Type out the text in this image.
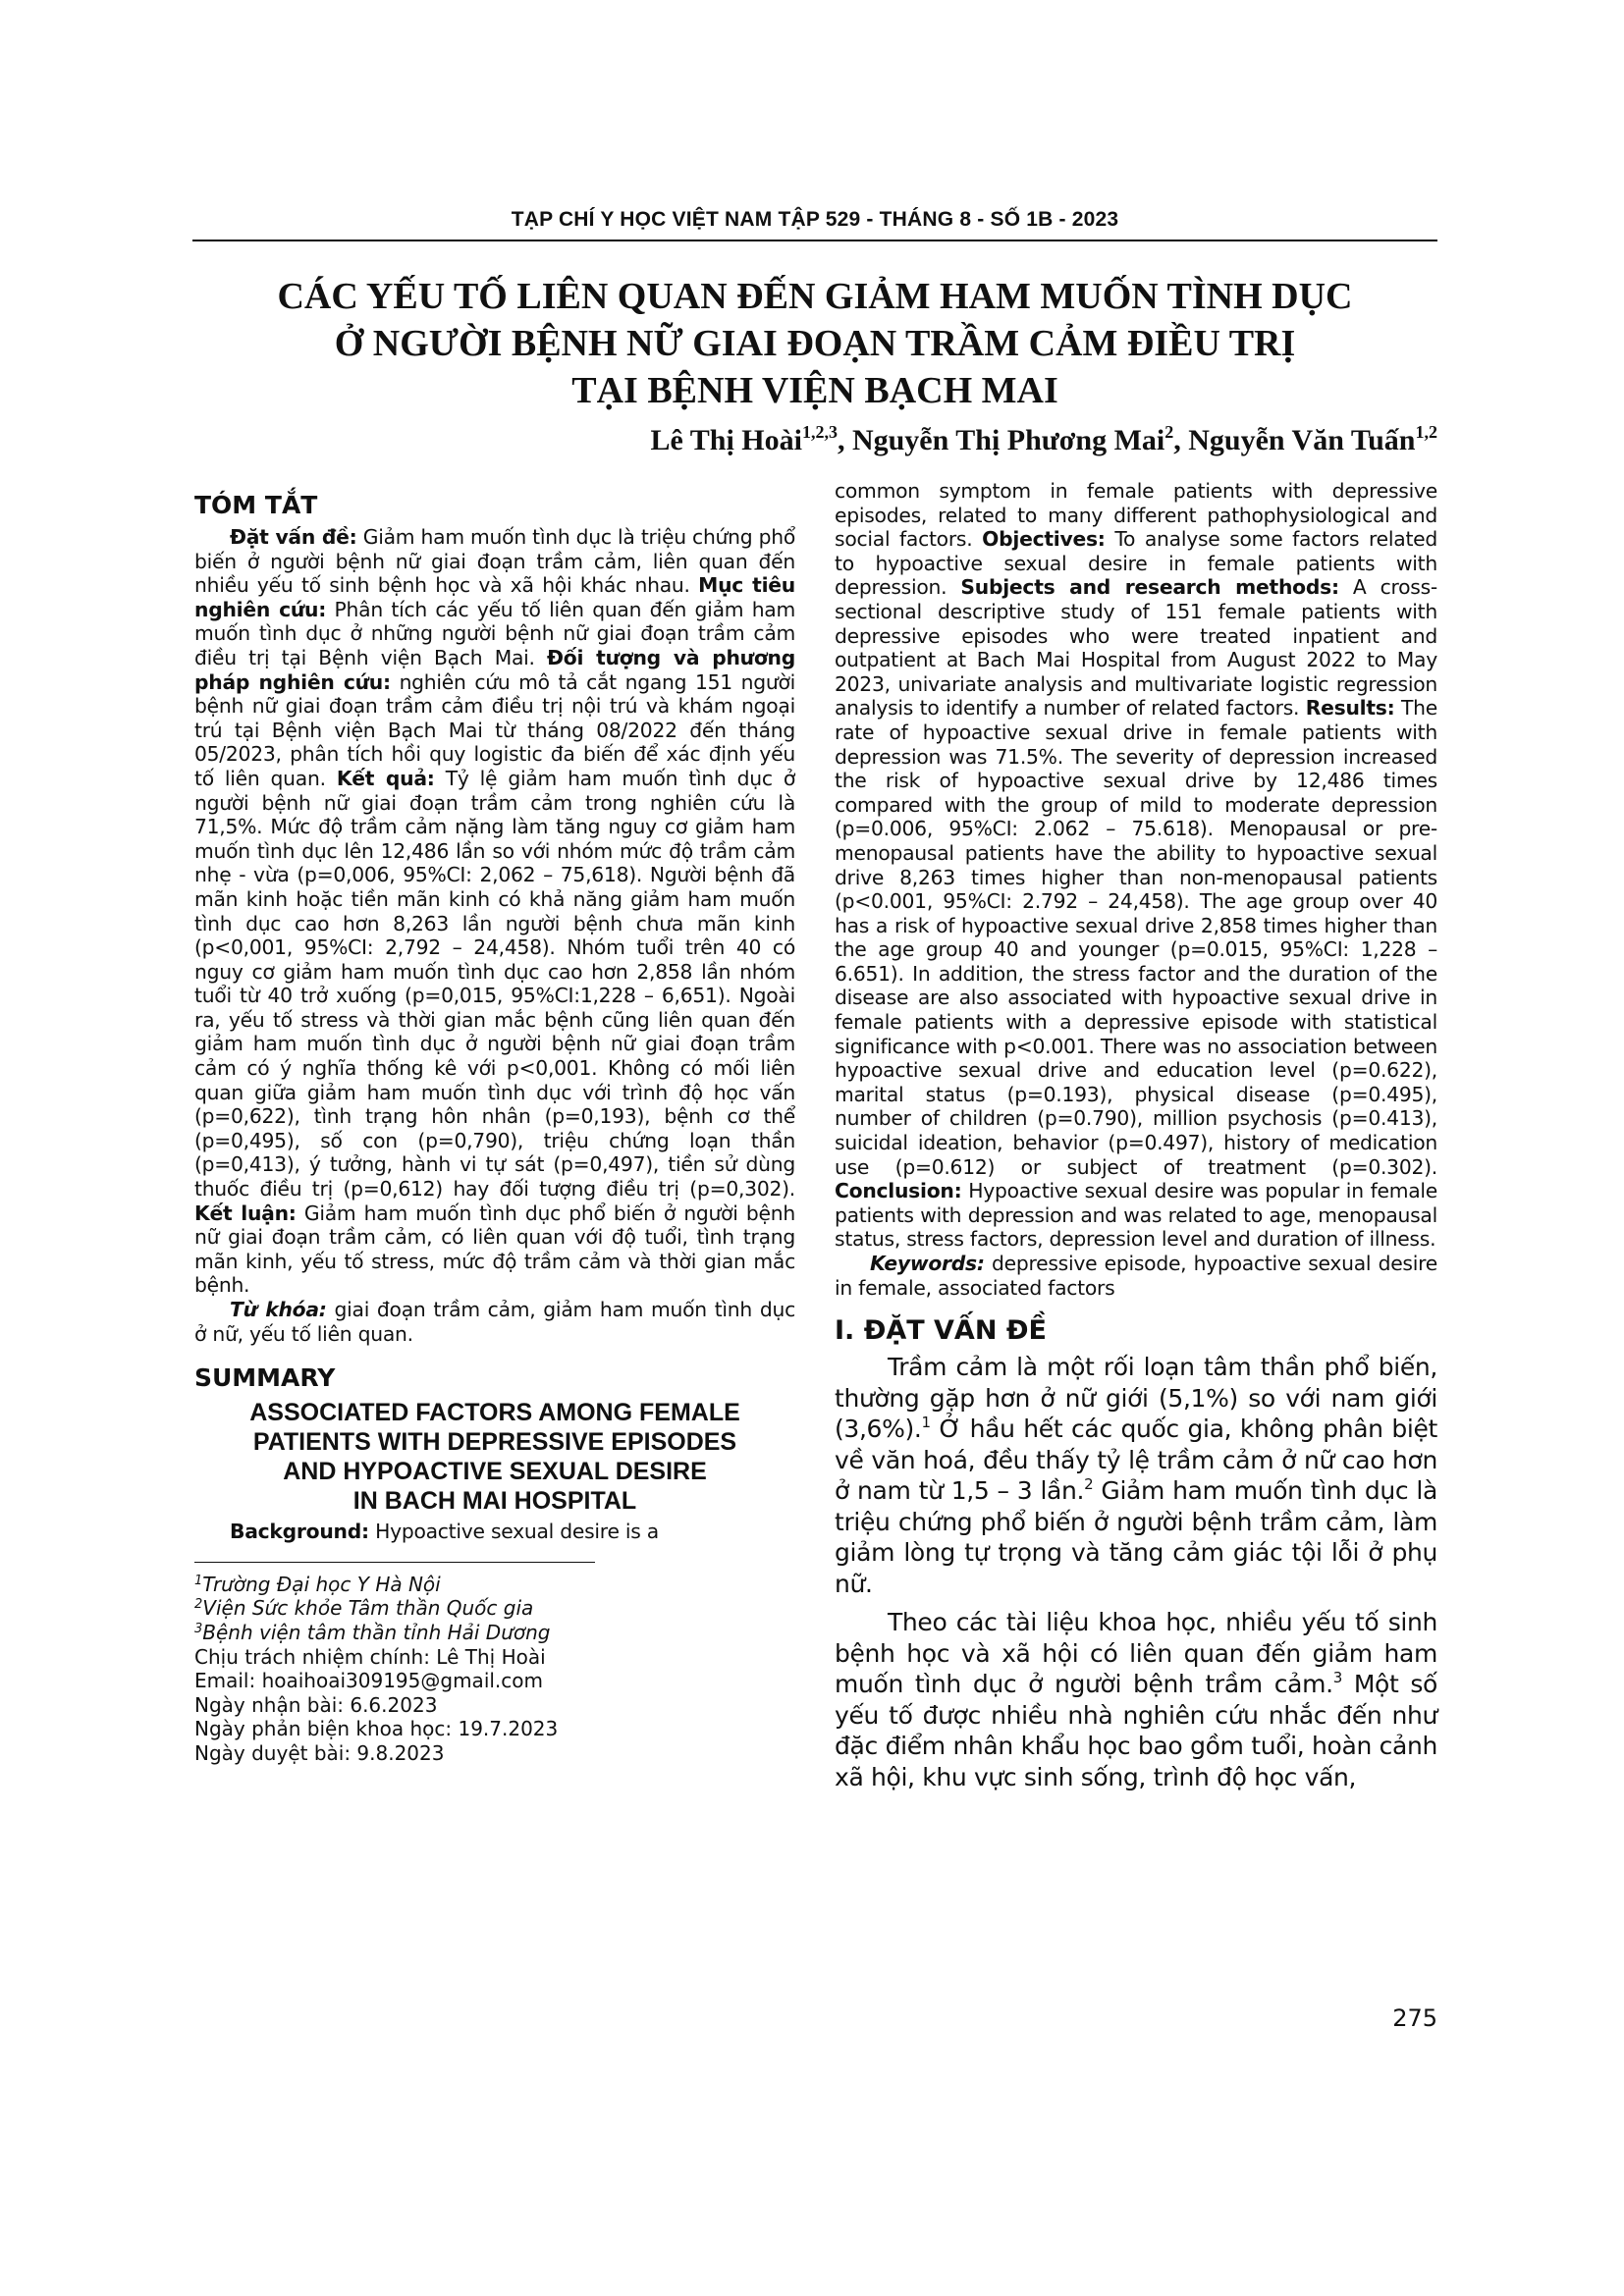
TẠP CHÍ Y HỌC VIỆT NAM TẬP 529 - THÁNG 8 - SỐ 1B - 2023
CÁC YẾU TỐ LIÊN QUAN ĐẾN GIẢM HAM MUỐN TÌNH DỤC
Ở NGƯỜI BỆNH NỮ GIAI ĐOẠN TRẦM CẢM ĐIỀU TRỊ
TẠI BỆNH VIỆN BẠCH MAI
Lê Thị Hoài$^{1,2,3}$, Nguyễn Thị Phương Mai$^2$, Nguyễn Văn Tuấn$^{1,2}$
TÓM TẮT

Đặt vấn đề: Giảm ham muốn tình dục là triệu chứng phổ biến ở người bệnh nữ giai đoạn trầm cảm, liên quan đến nhiều yếu tố sinh bệnh học và xã hội khác nhau. Mục tiêu nghiên cứu: Phân tích các yếu tố liên quan đến giảm ham muốn tình dục ở những người bệnh nữ giai đoạn trầm cảm điều trị tại Bệnh viện Bạch Mai. Đối tượng và phương pháp nghiên cứu: nghiên cứu mô tả cắt ngang 151 người bệnh nữ giai đoạn trầm cảm điều trị nội trú và khám ngoại trú tại Bệnh viện Bạch Mai từ tháng 08/2022 đến tháng 05/2023, phân tích hồi quy logistic đa biến để xác định yếu tố liên quan. Kết quả: Tỷ lệ giảm ham muốn tình dục ở người bệnh nữ giai đoạn trầm cảm trong nghiên cứu là 71,5%. Mức độ trầm cảm nặng làm tăng nguy cơ giảm ham muốn tình dục lên 12,486 lần so với nhóm mức độ trầm cảm nhẹ - vừa (p=0,006, 95%CI: 2,062 – 75,618). Người bệnh đã mãn kinh hoặc tiền mãn kinh có khả năng giảm ham muốn tình dục cao hơn 8,263 lần người bệnh chưa mãn kinh (p<0,001, 95%CI: 2,792 – 24,458). Nhóm tuổi trên 40 có nguy cơ giảm ham muốn tình dục cao hơn 2,858 lần nhóm tuổi từ 40 trở xuống (p=0,015, 95%CI:1,228 – 6,651). Ngoài ra, yếu tố stress và thời gian mắc bệnh cũng liên quan đến giảm ham muốn tình dục ở người bệnh nữ giai đoạn trầm cảm có ý nghĩa thống kê với p<0,001. Không có mối liên quan giữa giảm ham muốn tình dục với trình độ học vấn (p=0,622), tình trạng hôn nhân (p=0,193), bệnh cơ thể (p=0,495), số con (p=0,790), triệu chứng loạn thần (p=0,413), ý tưởng, hành vi tự sát (p=0,497), tiền sử dùng thuốc điều trị (p=0,612) hay đối tượng điều trị (p=0,302). Kết luận: Giảm ham muốn tình dục phổ biến ở người bệnh nữ giai đoạn trầm cảm, có liên quan với độ tuổi, tình trạng mãn kinh, yếu tố stress, mức độ trầm cảm và thời gian mắc bệnh.

Từ khóa: giai đoạn trầm cảm, giảm ham muốn tình dục ở nữ, yếu tố liên quan.

SUMMARY
ASSOCIATED FACTORS AMONG FEMALE
PATIENTS WITH DEPRESSIVE EPISODES
AND HYPOACTIVE SEXUAL DESIRE
IN BACH MAI HOSPITAL

Background: Hypoactive sexual desire is a

$^1$Trường Đại học Y Hà Nội
$^2$Viện Sức khỏe Tâm thần Quốc gia
$^3$Bệnh viện tâm thần tỉnh Hải Dương
Chịu trách nhiệm chính: Lê Thị Hoài
Email: hoaihoai309195@gmail.com
Ngày nhận bài: 6.6.2023
Ngày phản biện khoa học: 19.7.2023
Ngày duyệt bài: 9.8.2023

common symptom in female patients with depressive episodes, related to many different pathophysiological and social factors. Objectives: To analyse some factors related to hypoactive sexual desire in female patients with depression. Subjects and research methods: A cross-sectional descriptive study of 151 female patients with depressive episodes who were treated inpatient and outpatient at Bach Mai Hospital from August 2022 to May 2023, univariate analysis and multivariate logistic regression analysis to identify a number of related factors. Results: The rate of hypoactive sexual drive in female patients with depression was 71.5%. The severity of depression increased the risk of hypoactive sexual drive by 12,486 times compared with the group of mild to moderate depression (p=0.006, 95%CI: 2.062 – 75.618). Menopausal or pre-menopausal patients have the ability to hypoactive sexual drive 8,263 times higher than non-menopausal patients (p<0.001, 95%CI: 2.792 – 24,458). The age group over 40 has a risk of hypoactive sexual drive 2,858 times higher than the age group 40 and younger (p=0.015, 95%CI: 1,228 – 6.651). In addition, the stress factor and the duration of the disease are also associated with hypoactive sexual drive in female patients with a depressive episode with statistical significance with p<0.001. There was no association between hypoactive sexual drive and education level (p=0.622), marital status (p=0.193), physical disease (p=0.495), number of children (p=0.790), million psychosis (p=0.413), suicidal ideation, behavior (p=0.497), history of medication use (p=0.612) or subject of treatment (p=0.302). Conclusion: Hypoactive sexual desire was popular in female patients with depression and was related to age, menopausal status, stress factors, depression level and duration of illness.

Keywords: depressive episode, hypoactive sexual desire in female, associated factors

I. ĐẶT VẤN ĐỀ

Trầm cảm là một rối loạn tâm thần phổ biến, thường gặp hơn ở nữ giới (5,1%) so với nam giới (3,6%).$^1$ Ở hầu hết các quốc gia, không phân biệt về văn hoá, đều thấy tỷ lệ trầm cảm ở nữ cao hơn ở nam từ 1,5 – 3 lần.$^2$ Giảm ham muốn tình dục là triệu chứng phổ biến ở người bệnh trầm cảm, làm giảm lòng tự trọng và tăng cảm giác tội lỗi ở phụ nữ.

Theo các tài liệu khoa học, nhiều yếu tố sinh bệnh học và xã hội có liên quan đến giảm ham muốn tình dục ở người bệnh trầm cảm.$^3$ Một số yếu tố được nhiều nhà nghiên cứu nhắc đến như đặc điểm nhân khẩu học bao gồm tuổi, hoàn cảnh xã hội, khu vực sinh sống, trình độ học vấn,

275
